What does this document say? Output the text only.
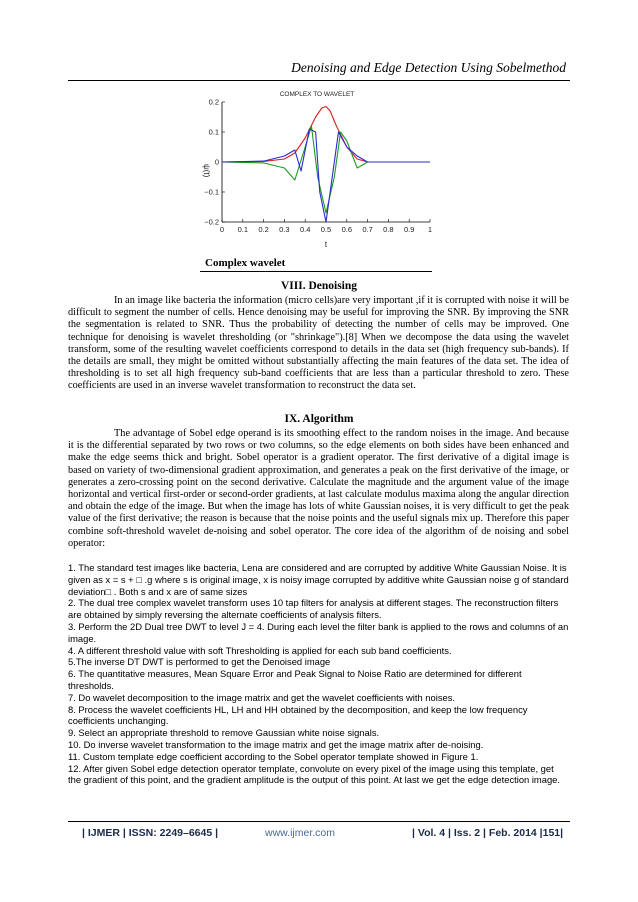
Denoising and Edge Detection Using Sobelmethod
COMPLEX TO WAVELET
ψ(t)
t
0 0.1 0.2 0.3 0.4 0.5 0.6 0.7 0.8 0.9 1
0.2
0.1
0
−0.1
−0.2
Complex wavelet
VIII. Denoising

In an image like bacteria the information (micro cells)are very important ,if it is corrupted with noise it will be difficult to segment the number of cells. Hence denoising may be useful for improving the SNR. By improving the SNR the segmentation is related to SNR. Thus the probability of detecting the number of cells may be improved. One technique for denoising is wavelet thresholding (or "shrinkage").[8] When we decompose the data using the wavelet transform, some of the resulting wavelet coefficients correspond to details in the data set (high frequency sub-bands). If the details are small, they might be omitted without substantially affecting the main features of the data set. The idea of thresholding is to set all high frequency sub-band coefficients that are less than a particular threshold to zero. These coefficients are used in an inverse wavelet transformation to reconstruct the data set.

IX. Algorithm

The advantage of Sobel edge operand is its smoothing effect to the random noises in the image. And because it is the differential separated by two rows or two columns, so the edge elements on both sides have been enhanced and make the edge seems thick and bright. Sobel operator is a gradient operator. The first derivative of a digital image is based on variety of two-dimensional gradient approximation, and generates a peak on the first derivative of the image, or generates a zero-crossing point on the second derivative. Calculate the magnitude and the argument value of the image horizontal and vertical first-order or second-order gradients, at last calculate modulus maxima along the angular direction and obtain the edge of the image. But when the image has lots of white Gaussian noises, it is very difficult to get the peak value of the first derivative; the reason is because that the noise points and the useful signals mix up. Therefore this paper combine soft-threshold wavelet de-noising and sobel operator. The core idea of the algorithm of de noising and sobel operator:

1. The standard test images like bacteria, Lena are considered and are corrupted by additive White Gaussian Noise. It is given as x = s + □ .g where s is original image, x is noisy image corrupted by additive white Gaussian noise g of standard deviation□ . Both s and x are of same sizes

2. The dual tree complex wavelet transform uses 10 tap filters for analysis at different stages. The reconstruction filters are obtained by simply reversing the alternate coefficients of analysis filters.

3. Perform the 2D Dual tree DWT to level J = 4. During each level the filter bank is applied to the rows and columns of an image.

4. A different threshold value with soft Thresholding is applied for each sub band coefficients.

5.The inverse DT DWT is performed to get the Denoised image

6. The quantitative measures, Mean Square Error and Peak Signal to Noise Ratio are determined for different thresholds.

7. Do wavelet decomposition to the image matrix and get the wavelet coefficients with noises.

8. Process the wavelet coefficients HL, LH and HH obtained by the decomposition, and keep the low frequency coefficients unchanging.

9. Select an appropriate threshold to remove Gaussian white noise signals.

10. Do inverse wavelet transformation to the image matrix and get the image matrix after de-noising.

11. Custom template edge coefficient according to the Sobel operator template showed in Figure 1.

12. After given Sobel edge detection operator template, convolute on every pixel of the image using this template, get the gradient of this point, and the gradient amplitude is the output of this point. At last we get the edge detection image.

| IJMER | ISSN: 2249–6645 |	www.ijmer.com	| Vol. 4 | Iss. 2 | Feb. 2014 |151|
